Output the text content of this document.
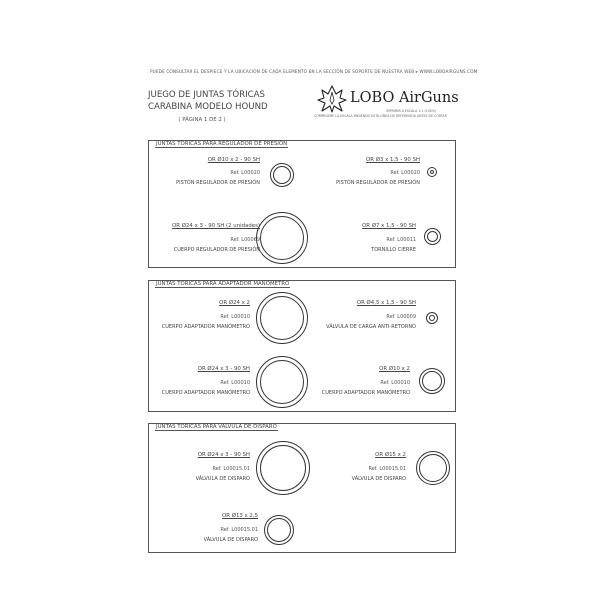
PUEDE CONSULTAR EL DESPIECE Y LA UBICACIÓN DE CADA ELEMENTO EN LA SECCIÓN DE SOPORTE DE NUESTRA WEB ▸ WWW.LOBOAIRGUNS.COM
JUEGO DE JUNTAS TÓRICAS
CARABINA MODELO HOUND
( PÁGINA 1 DE 2 )
LOBO AirGuns
IMPRIMIR A ESCALA 1:1 (100%)
COMPRUEBE LA ESCALA MIDIENDO ESTA LÍNEA DE REFERENCIA ANTES DE CORTAR
JUNTAS TÓRICAS PARA REGULADOR DE PRESIÓN
OR Ø10 x 2 - 90 SH
Ref. L00020
PISTÓN REGULADOR DE PRESIÓN
OR Ø3 x 1,5 - 90 SH
Ref. L00020
PISTÓN REGULADOR DE PRESIÓN
OR Ø24 x 3 - 90 SH (2 unidades)
Ref. L00069
CUERPO REGULADOR DE PRESIÓN
OR Ø7 x 1,5 - 90 SH
Ref. L00011
TORNILLO CIERRE
JUNTAS TÓRICAS PARA ADAPTADOR MANÓMETRO
OR Ø24 x 2
Ref. L00010
CUERPO ADAPTADOR MANÓMETRO
OR Ø4,5 x 1,5 - 90 SH
Ref. L00009
VÁLVULA DE CARGA ANTI-RETORNO
OR Ø24 x 3 - 90 SH
Ref. L00010
CUERPO ADAPTADOR MANÓMETRO
OR Ø10 x 2
Ref. L00010
CUERPO ADAPTADOR MANÓMETRO
JUNTAS TÓRICAS PARA VÁLVULA DE DISPARO
OR Ø24 x 3 - 90 SH
Ref. L00015.01
VÁLVULA DE DISPARO
OR Ø15 x 2
Ref. L00015.01
VÁLVULA DE DISPARO
OR Ø13 x 2,5
Ref. L00015.01
VÁLVULA DE DISPARO
